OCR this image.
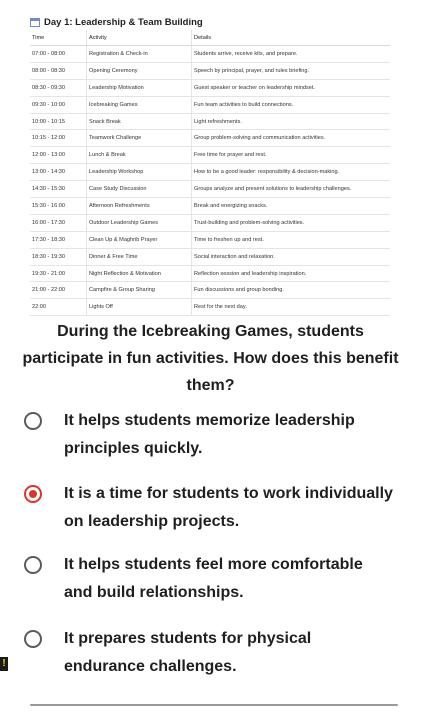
Day 1: Leadership & Team Building
Time	Activity	Details
07:00 - 08:00	Registration & Check-in	Students arrive, receive kits, and prepare.
08:00 - 08:30	Opening Ceremony	Speech by principal, prayer, and rules briefing.
08:30 - 09:30	Leadership Motivation	Guest speaker or teacher on leadership mindset.
09:30 - 10:00	Icebreaking Games	Fun team activities to build connections.
10:00 - 10:15	Snack Break	Light refreshments.
10:15 - 12:00	Teamwork Challenge	Group problem-solving and communication activities.
12:00 - 13:00	Lunch & Break	Free time for prayer and rest.
13:00 - 14:30	Leadership Workshop	How to be a good leader: responsibility & decision-making.
14:30 - 15:30	Case Study Discussion	Groups analyze and present solutions to leadership challenges.
15:30 - 16:00	Afternoon Refreshments	Break and energizing snacks.
16:00 - 17:30	Outdoor Leadership Games	Trust-building and problem-solving activities.
17:30 - 18:30	Clean Up & Maghrib Prayer	Time to freshen up and rest.
18:30 - 19:30	Dinner & Free Time	Social interaction and relaxation.
19:30 - 21:00	Night Reflection & Motivation	Reflection session and leadership inspiration.
21:00 - 22:00	Campfire & Group Sharing	Fun discussions and group bonding.
22:00	Lights Off	Rest for the next day.
During the Icebreaking Games, students participate in fun activities. How does this benefit them?
It helps students memorize leadership principles quickly.
It is a time for students to work individually on leadership projects.
It helps students feel more comfortable and build relationships.
It prepares students for physical endurance challenges.
!
